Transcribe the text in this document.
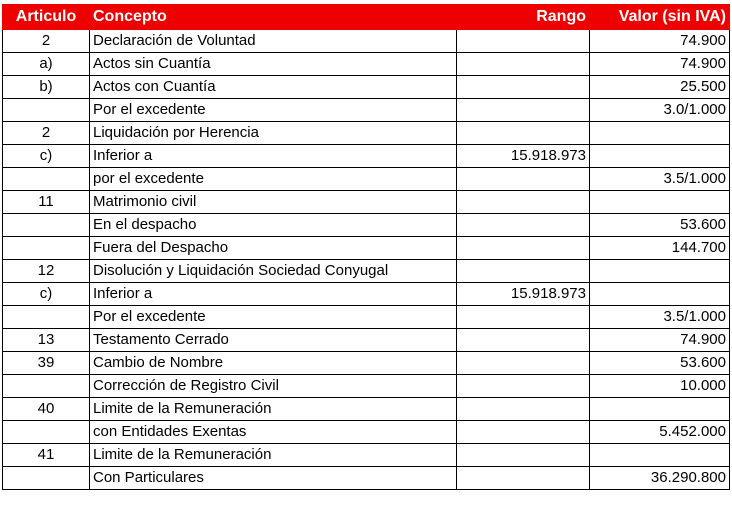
Articulo	Concepto	Rango	Valor (sin IVA)
2	Declaración de Voluntad		74.900
a)	Actos sin Cuantía		74.900
b)	Actos con Cuantía		25.500
	Por el excedente		3.0/1.000
2	Liquidación por Herencia		
c)	Inferior a	15.918.973	
	por el excedente		3.5/1.000
11	Matrimonio civil		
	En el despacho		53.600
	Fuera del Despacho		144.700
12	Disolución y Liquidación Sociedad Conyugal		
c)	Inferior a	15.918.973	
	Por el excedente		3.5/1.000
13	Testamento Cerrado		74.900
39	Cambio de Nombre		53.600
	Corrección de Registro Civil		10.000
40	Limite de la Remuneración		
	con Entidades Exentas		5.452.000
41	Limite de la Remuneración		
	Con Particulares		36.290.800
